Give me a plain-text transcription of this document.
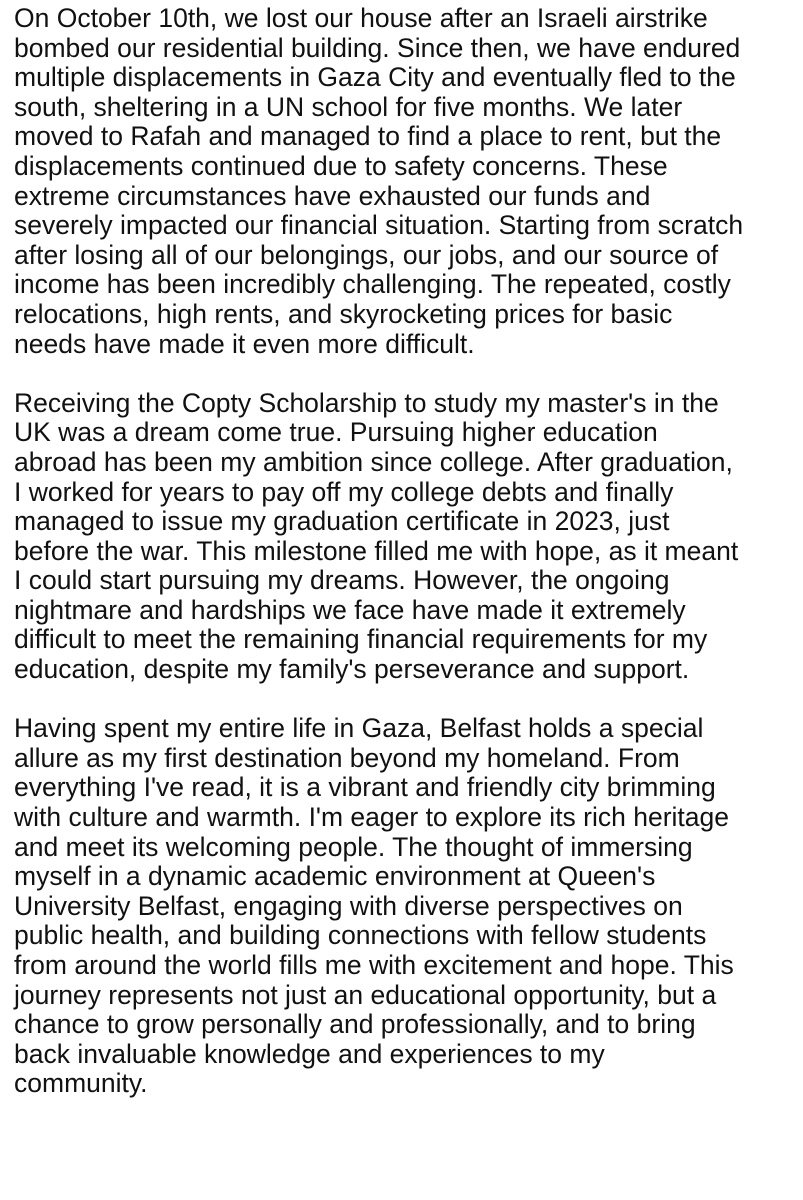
On October 10th, we lost our house after an Israeli airstrike
bombed our residential building. Since then, we have endured
multiple displacements in Gaza City and eventually fled to the
south, sheltering in a UN school for five months. We later
moved to Rafah and managed to find a place to rent, but the
displacements continued due to safety concerns. These
extreme circumstances have exhausted our funds and
severely impacted our financial situation. Starting from scratch
after losing all of our belongings, our jobs, and our source of
income has been incredibly challenging. The repeated, costly
relocations, high rents, and skyrocketing prices for basic
needs have made it even more difficult.

Receiving the Copty Scholarship to study my master's in the
UK was a dream come true. Pursuing higher education
abroad has been my ambition since college. After graduation,
I worked for years to pay off my college debts and finally
managed to issue my graduation certificate in 2023, just
before the war. This milestone filled me with hope, as it meant
I could start pursuing my dreams. However, the ongoing
nightmare and hardships we face have made it extremely
difficult to meet the remaining financial requirements for my
education, despite my family's perseverance and support.

Having spent my entire life in Gaza, Belfast holds a special
allure as my first destination beyond my homeland. From
everything I've read, it is a vibrant and friendly city brimming
with culture and warmth. I'm eager to explore its rich heritage
and meet its welcoming people. The thought of immersing
myself in a dynamic academic environment at Queen's
University Belfast, engaging with diverse perspectives on
public health, and building connections with fellow students
from around the world fills me with excitement and hope. This
journey represents not just an educational opportunity, but a
chance to grow personally and professionally, and to bring
back invaluable knowledge and experiences to my
community.
